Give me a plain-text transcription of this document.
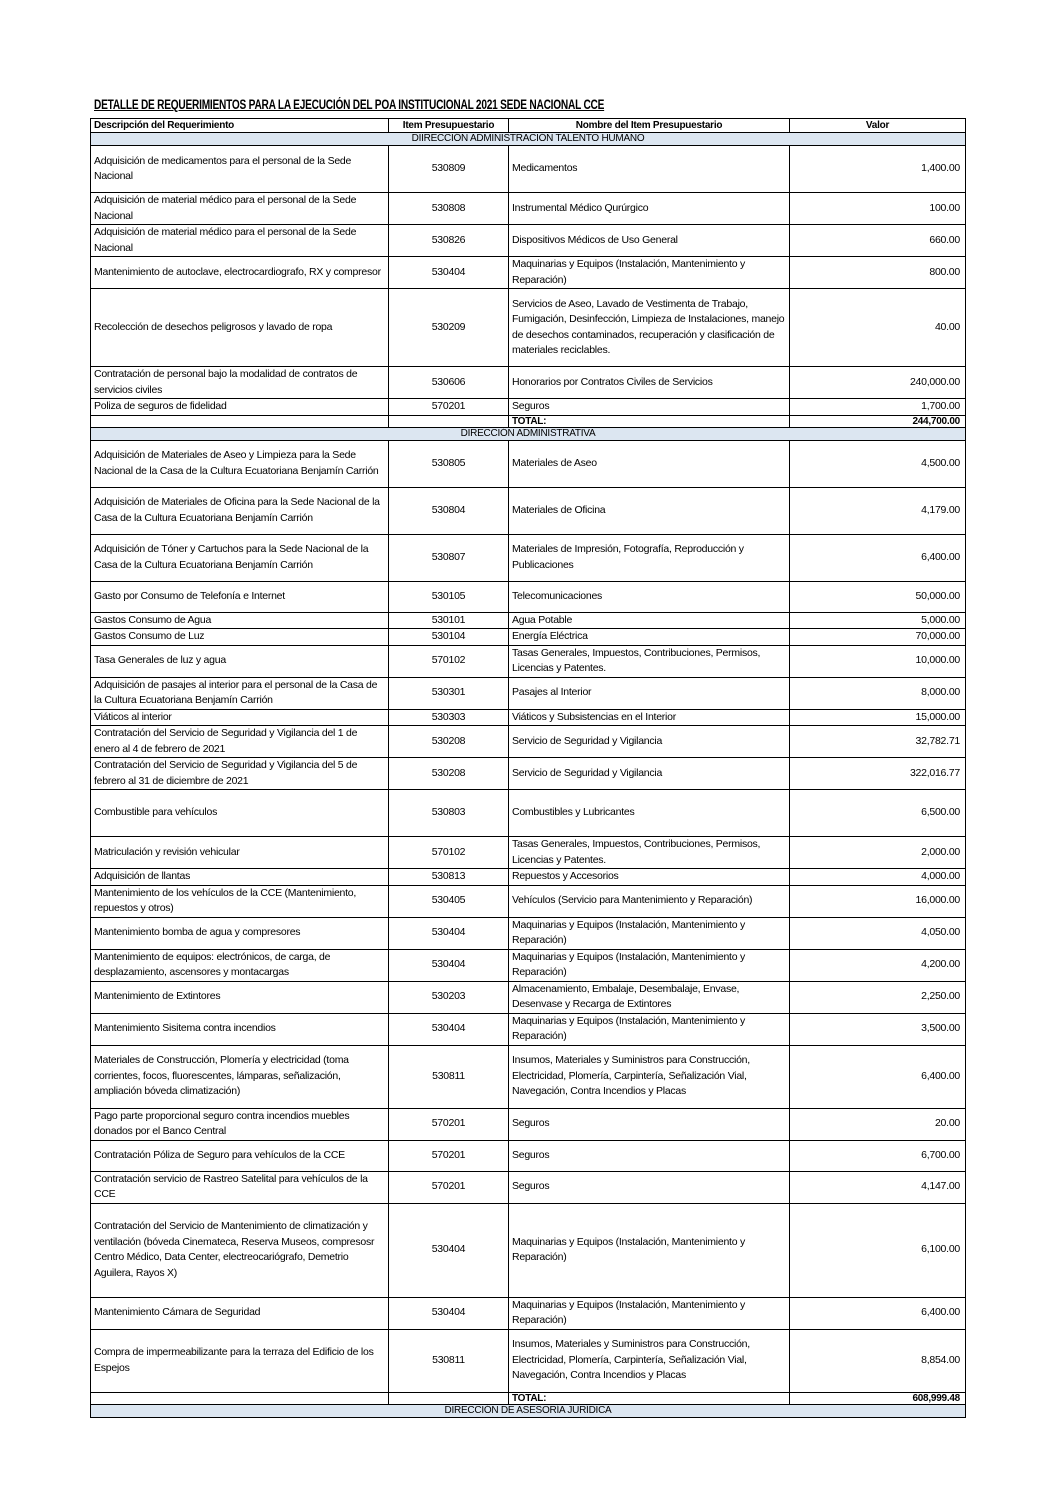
DETALLE DE REQUERIMIENTOS PARA LA EJECUCIÓN DEL POA INSTITUCIONAL 2021 SEDE NACIONAL CCE
Descripción del Requerimiento	Item Presupuestario	Nombre del Item Presupuestario	Valor
DIIRECCIÓN ADMINISTRACIÓN TALENTO HUMANO			
Adquisición de medicamentos para el personal de la Sede Nacional	530809	Medicamentos	1,400.00
Adquisición de material médico para el personal de la Sede Nacional	530808	Instrumental Médico Qurúrgico	100.00
Adquisición de material médico para el personal de la Sede Nacional	530826	Dispositivos Médicos de Uso General	660.00
Mantenimiento de autoclave, electrocardiografo, RX y compresor	530404	Maquinarias y Equipos (Instalación, Mantenimiento y Reparación)	800.00
Recolección de desechos peligrosos y lavado de ropa	530209	Servicios de Aseo, Lavado de Vestimenta de Trabajo, Fumigación, Desinfección, Limpieza de Instalaciones, manejo de desechos contaminados, recuperación y clasificación de materiales reciclables.	40.00
Contratación de personal bajo la modalidad de contratos de servicios civiles	530606	Honorarios por Contratos Civiles de Servicios	240,000.00
Poliza de seguros de fidelidad	570201	Seguros	1,700.00
		TOTAL:	244,700.00
DIRECCIÓN ADMINISTRATIVA			
Adquisición de Materiales de Aseo y Limpieza para la Sede Nacional de la Casa de la Cultura Ecuatoriana Benjamín Carrión	530805	Materiales de Aseo	4,500.00
Adquisición de Materiales de Oficina para la Sede Nacional de la Casa de la Cultura Ecuatoriana Benjamín Carrión	530804	Materiales de Oficina	4,179.00
Adquisición de Tóner y Cartuchos para la Sede Nacional de la Casa de la Cultura Ecuatoriana Benjamín Carrión	530807	Materiales de Impresión, Fotografía, Reproducción y Publicaciones	6,400.00
Gasto por Consumo de Telefonía e Internet	530105	Telecomunicaciones	50,000.00
Gastos Consumo de Agua	530101	Agua Potable	5,000.00
Gastos Consumo de Luz	530104	Energía Eléctrica	70,000.00
Tasa Generales de luz y agua	570102	Tasas Generales, Impuestos, Contribuciones, Permisos, Licencias y Patentes.	10,000.00
Adquisición de pasajes al interior para el personal de la Casa de la Cultura Ecuatoriana Benjamín Carrión	530301	Pasajes al Interior	8,000.00
Viáticos al interior	530303	Viáticos y Subsistencias en el Interior	15,000.00
Contratación del Servicio de Seguridad y Vigilancia del 1 de enero al 4 de febrero de 2021	530208	Servicio de Seguridad y Vigilancia	32,782.71
Contratación del Servicio de Seguridad y Vigilancia del 5 de febrero al 31 de diciembre de 2021	530208	Servicio de Seguridad y Vigilancia	322,016.77
Combustible para vehículos	530803	Combustibles y Lubricantes	6,500.00
Matriculación y revisión vehicular	570102	Tasas Generales, Impuestos, Contribuciones, Permisos, Licencias y Patentes.	2,000.00
Adquisición de llantas	530813	Repuestos y Accesorios	4,000.00
Mantenimiento de los vehículos de la CCE (Mantenimiento, repuestos y otros)	530405	Vehículos (Servicio para Mantenimiento y Reparación)	16,000.00
Mantenimiento bomba de agua y compresores	530404	Maquinarias y Equipos (Instalación, Mantenimiento y Reparación)	4,050.00
Mantenimiento de equipos: electrónicos, de carga, de desplazamiento, ascensores y montacargas	530404	Maquinarias y Equipos (Instalación, Mantenimiento y Reparación)	4,200.00
Mantenimiento de Extintores	530203	Almacenamiento, Embalaje, Desembalaje, Envase, Desenvase y Recarga de Extintores	2,250.00
Mantenimiento Sisitema contra incendios	530404	Maquinarias y Equipos (Instalación, Mantenimiento y Reparación)	3,500.00
Materiales de Construcción, Plomería y electricidad (toma corrientes, focos, fluorescentes, lámparas, señalización, ampliación bóveda climatización)	530811	Insumos, Materiales y Suministros para Construcción, Electricidad, Plomería, Carpintería, Señalización Vial, Navegación, Contra Incendios y Placas	6,400.00
Pago parte proporcional seguro contra incendios muebles donados por el Banco Central	570201	Seguros	20.00
Contratación Póliza de Seguro para vehículos de la CCE	570201	Seguros	6,700.00
Contratación servicio de Rastreo Satelital para vehículos de la CCE	570201	Seguros	4,147.00
Contratación del Servicio de Mantenimiento de climatización y ventilación (bóveda Cinemateca, Reserva Museos, compresosr Centro Médico, Data Center, electreocariógrafo, Demetrio Aguilera, Rayos X)	530404	Maquinarias y Equipos (Instalación, Mantenimiento y Reparación)	6,100.00
Mantenimiento Cámara de Seguridad	530404	Maquinarias y Equipos (Instalación, Mantenimiento y Reparación)	6,400.00
Compra de impermeabilizante para la terraza del Edificio de los Espejos	530811	Insumos, Materiales y Suministros para Construcción, Electricidad, Plomería, Carpintería, Señalización Vial, Navegación, Contra Incendios y Placas	8,854.00
		TOTAL:	608,999.48
DIRECCIÓN DE ASESORÍA JURÍDICA			
